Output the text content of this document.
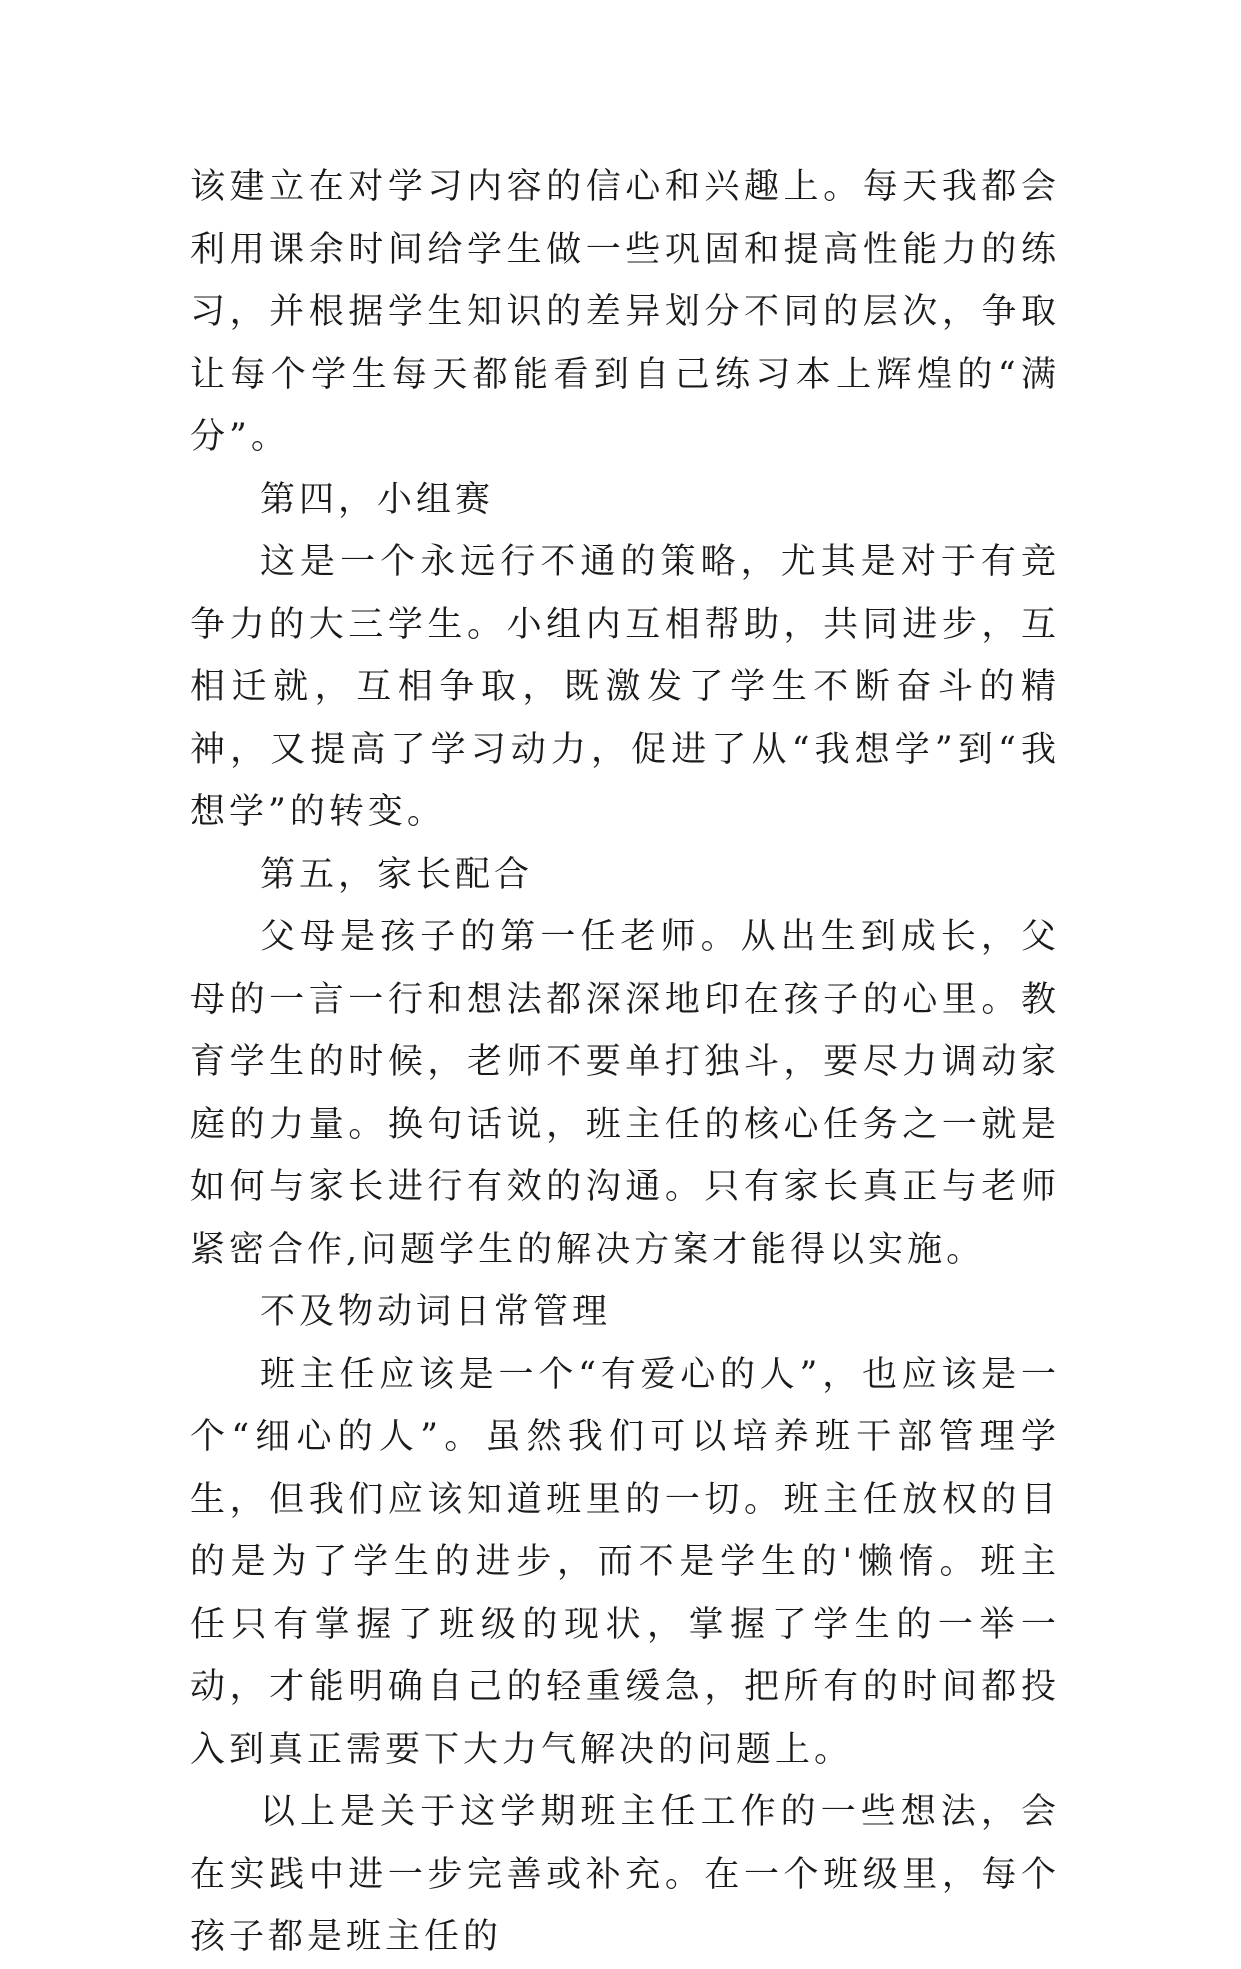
该建立在对学习内容的信心和兴趣上。每天我都会利用课余时间给学生做一些巩固和提高性能力的练习，并根据学生知识的差异划分不同的层次，争取让每个学生每天都能看到自己练习本上辉煌的“满分”。

第四，小组赛

这是一个永远行不通的策略，尤其是对于有竞争力的大三学生。小组内互相帮助，共同进步，互相迁就，互相争取，既激发了学生不断奋斗的精神，又提高了学习动力，促进了从“我想学”到“我想学”的转变。

第五，家长配合

父母是孩子的第一任老师。从出生到成长，父母的一言一行和想法都深深地印在孩子的心里。教育学生的时候，老师不要单打独斗，要尽力调动家庭的力量。换句话说，班主任的核心任务之一就是如何与家长进行有效的沟通。只有家长真正与老师紧密合作,问题学生的解决方案才能得以实施。

不及物动词日常管理

班主任应该是一个“有爱心的人”，也应该是一个“细心的人”。虽然我们可以培养班干部管理学生，但我们应该知道班里的一切。班主任放权的目的是为了学生的进步，而不是学生的'懒惰。班主任只有掌握了班级的现状，掌握了学生的一举一动，才能明确自己的轻重缓急，把所有的时间都投入到真正需要下大力气解决的问题上。

以上是关于这学期班主任工作的一些想法，会在实践中进一步完善或补充。在一个班级里，每个孩子都是班主任的
